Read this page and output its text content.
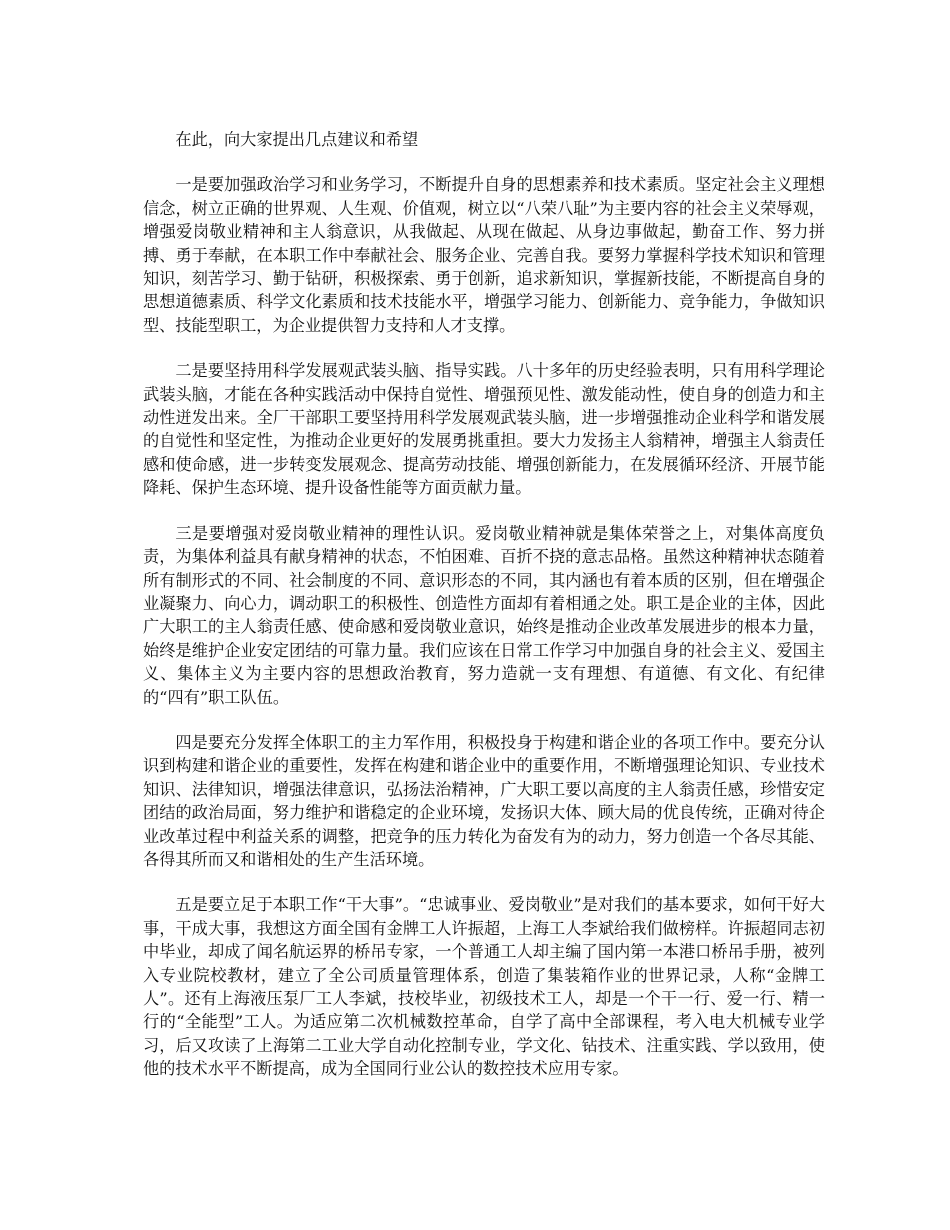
在此，向大家提出几点建议和希望

一是要加强政治学习和业务学习，不断提升自身的思想素养和技术素质。坚定社会主义理想信念，树立正确的世界观、人生观、价值观，树立以“八荣八耻”为主要内容的社会主义荣辱观，增强爱岗敬业精神和主人翁意识，从我做起、从现在做起、从身边事做起，勤奋工作、努力拼搏、勇于奉献，在本职工作中奉献社会、服务企业、完善自我。要努力掌握科学技术知识和管理知识，刻苦学习、勤于钻研，积极探索、勇于创新，追求新知识，掌握新技能，不断提高自身的思想道德素质、科学文化素质和技术技能水平，增强学习能力、创新能力、竞争能力，争做知识型、技能型职工，为企业提供智力支持和人才支撑。

二是要坚持用科学发展观武装头脑、指导实践。八十多年的历史经验表明，只有用科学理论武装头脑，才能在各种实践活动中保持自觉性、增强预见性、激发能动性，使自身的创造力和主动性迸发出来。全厂干部职工要坚持用科学发展观武装头脑，进一步增强推动企业科学和谐发展的自觉性和坚定性，为推动企业更好的发展勇挑重担。要大力发扬主人翁精神，增强主人翁责任感和使命感，进一步转变发展观念、提高劳动技能、增强创新能力，在发展循环经济、开展节能降耗、保护生态环境、提升设备性能等方面贡献力量。

三是要增强对爱岗敬业精神的理性认识。爱岗敬业精神就是集体荣誉之上，对集体高度负责，为集体利益具有献身精神的状态，不怕困难、百折不挠的意志品格。虽然这种精神状态随着所有制形式的不同、社会制度的不同、意识形态的不同，其内涵也有着本质的区别，但在增强企业凝聚力、向心力，调动职工的积极性、创造性方面却有着相通之处。职工是企业的主体，因此广大职工的主人翁责任感、使命感和爱岗敬业意识，始终是推动企业改革发展进步的根本力量，始终是维护企业安定团结的可靠力量。我们应该在日常工作学习中加强自身的社会主义、爱国主义、集体主义为主要内容的思想政治教育，努力造就一支有理想、有道德、有文化、有纪律的“四有”职工队伍。

四是要充分发挥全体职工的主力军作用，积极投身于构建和谐企业的各项工作中。要充分认识到构建和谐企业的重要性，发挥在构建和谐企业中的重要作用，不断增强理论知识、专业技术知识、法律知识，增强法律意识，弘扬法治精神，广大职工要以高度的主人翁责任感，珍惜安定团结的政治局面，努力维护和谐稳定的企业环境，发扬识大体、顾大局的优良传统，正确对待企业改革过程中利益关系的调整，把竞争的压力转化为奋发有为的动力，努力创造一个各尽其能、各得其所而又和谐相处的生产生活环境。

五是要立足于本职工作“干大事”。“忠诚事业、爱岗敬业”是对我们的基本要求，如何干好大事，干成大事，我想这方面全国有金牌工人许振超，上海工人李斌给我们做榜样。许振超同志初中毕业，却成了闻名航运界的桥吊专家，一个普通工人却主编了国内第一本港口桥吊手册，被列入专业院校教材，建立了全公司质量管理体系，创造了集装箱作业的世界记录，人称“金牌工人”。还有上海液压泵厂工人李斌，技校毕业，初级技术工人，却是一个干一行、爱一行、精一行的“全能型”工人。为适应第二次机械数控革命，自学了高中全部课程，考入电大机械专业学习，后又攻读了上海第二工业大学自动化控制专业，学文化、钻技术、注重实践、学以致用，使他的技术水平不断提高，成为全国同行业公认的数控技术应用专家。
